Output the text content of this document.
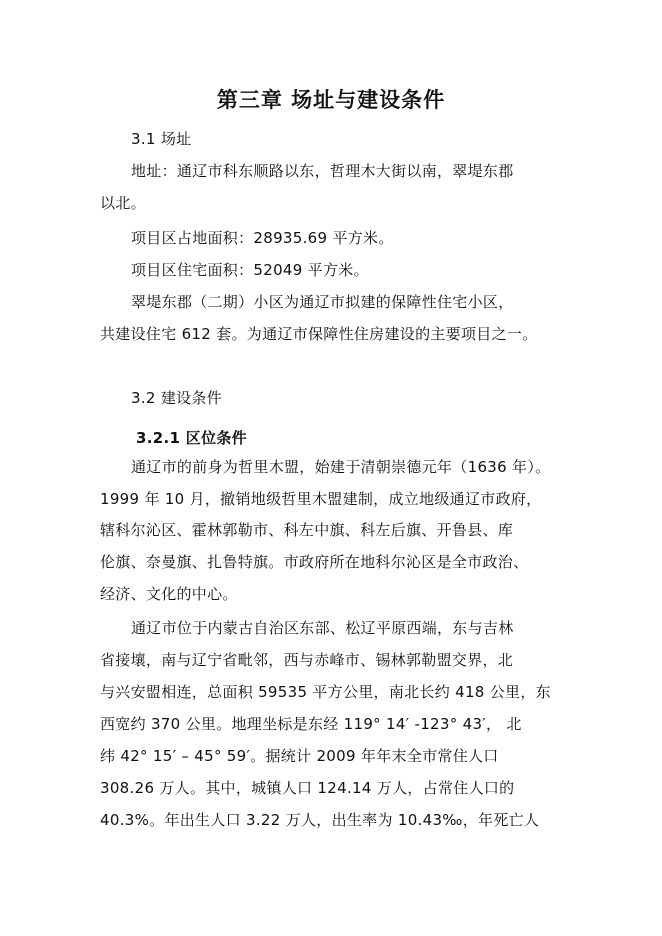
第三章 场址与建设条件
3.1 场址
地址：通辽市科东顺路以东，哲理木大街以南，翠堤东郡
以北。
项目区占地面积：28935.69 平方米。
项目区住宅面积：52049 平方米。
翠堤东郡（二期）小区为通辽市拟建的保障性住宅小区，
共建设住宅 612 套。为通辽市保障性住房建设的主要项目之一。
3.2 建设条件
3.2.1 区位条件
通辽市的前身为哲里木盟，始建于清朝崇德元年（1636 年）。
1999 年 10 月，撤销地级哲里木盟建制，成立地级通辽市政府，
辖科尔沁区、霍林郭勒市、科左中旗、科左后旗、开鲁县、库
伦旗、奈曼旗、扎鲁特旗。市政府所在地科尔沁区是全市政治、
经济、文化的中心。
通辽市位于内蒙古自治区东部、松辽平原西端，东与吉林
省接壤，南与辽宁省毗邻，西与赤峰市、锡林郭勒盟交界，北
与兴安盟相连，总面积 59535 平方公里，南北长约 418 公里，东
西宽约 370 公里。地理坐标是东经 119° 14′ -123° 43′， 北
纬 42° 15′ – 45° 59′。据统计 2009 年年末全市常住人口
308.26 万人。其中，城镇人口 124.14 万人，占常住人口的
40.3%。年出生人口 3.22 万人，出生率为 10.43‰，年死亡人
